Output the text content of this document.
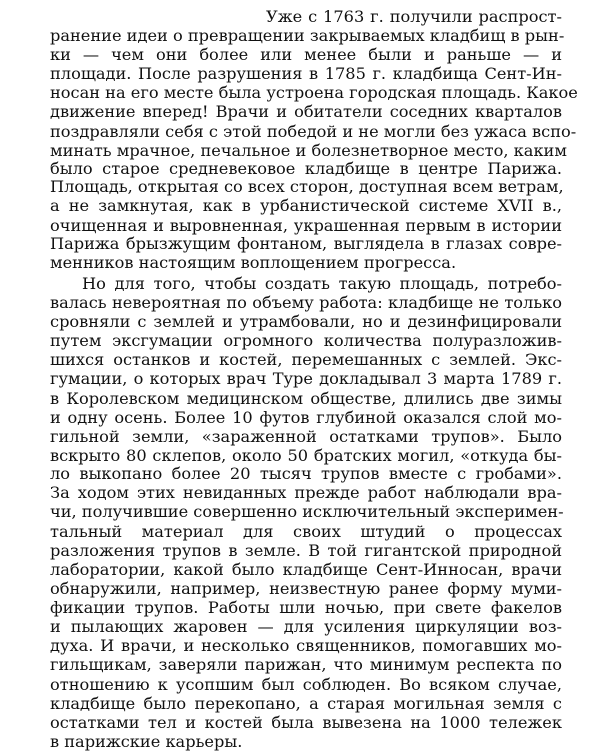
Уже с 1763 г. получили распрост-
ранение идеи о превращении закрываемых кладбищ в рын-
ки — чем они более или менее были и раньше — и
площади. После разрушения в 1785 г. кладбища Сент-Ин-
носан на его месте была устроена городская площадь. Какое
движение вперед! Врачи и обитатели соседних кварталов
поздравляли себя с этой победой и не могли без ужаса вспо-
минать мрачное, печальное и болезнетворное место, каким
было старое средневековое кладбище в центре Парижа.
Площадь, открытая со всех сторон, доступная всем ветрам,
а не замкнутая, как в урбанистической системе XVII в.,
очищенная и выровненная, украшенная первым в истории
Парижа брызжущим фонтаном, выглядела в глазах совре-
менников настоящим воплощением прогресса.
Но для того, чтобы создать такую площадь, потребо-
валась невероятная по объему работа: кладбище не только
сровняли с землей и утрамбовали, но и дезинфицировали
путем эксгумации огромного количества полуразложив-
шихся останков и костей, перемешанных с землей. Экс-
гумации, о которых врач Туре докладывал 3 марта 1789 г.
в Королевском медицинском обществе, длились две зимы
и одну осень. Более 10 футов глубиной оказался слой мо-
гильной земли, «зараженной остатками трупов». Было
вскрыто 80 склепов, около 50 братских могил, «откуда бы-
ло выкопано более 20 тысяч трупов вместе с гробами».
За ходом этих невиданных прежде работ наблюдали вра-
чи, получившие совершенно исключительный эксперимен-
тальный материал для своих штудий о процессах
разложения трупов в земле. В той гигантской природной
лаборатории, какой было кладбище Сент-Инносан, врачи
обнаружили, например, неизвестную ранее форму муми-
фикации трупов. Работы шли ночью, при свете факелов
и пылающих жаровен — для усиления циркуляции воз-
духа. И врачи, и несколько священников, помогавших мо-
гильщикам, заверяли парижан, что минимум респекта по
отношению к усопшим был соблюден. Во всяком случае,
кладбище было перекопано, а старая могильная земля с
остатками тел и костей была вывезена на 1000 тележек
в парижские карьеры.
